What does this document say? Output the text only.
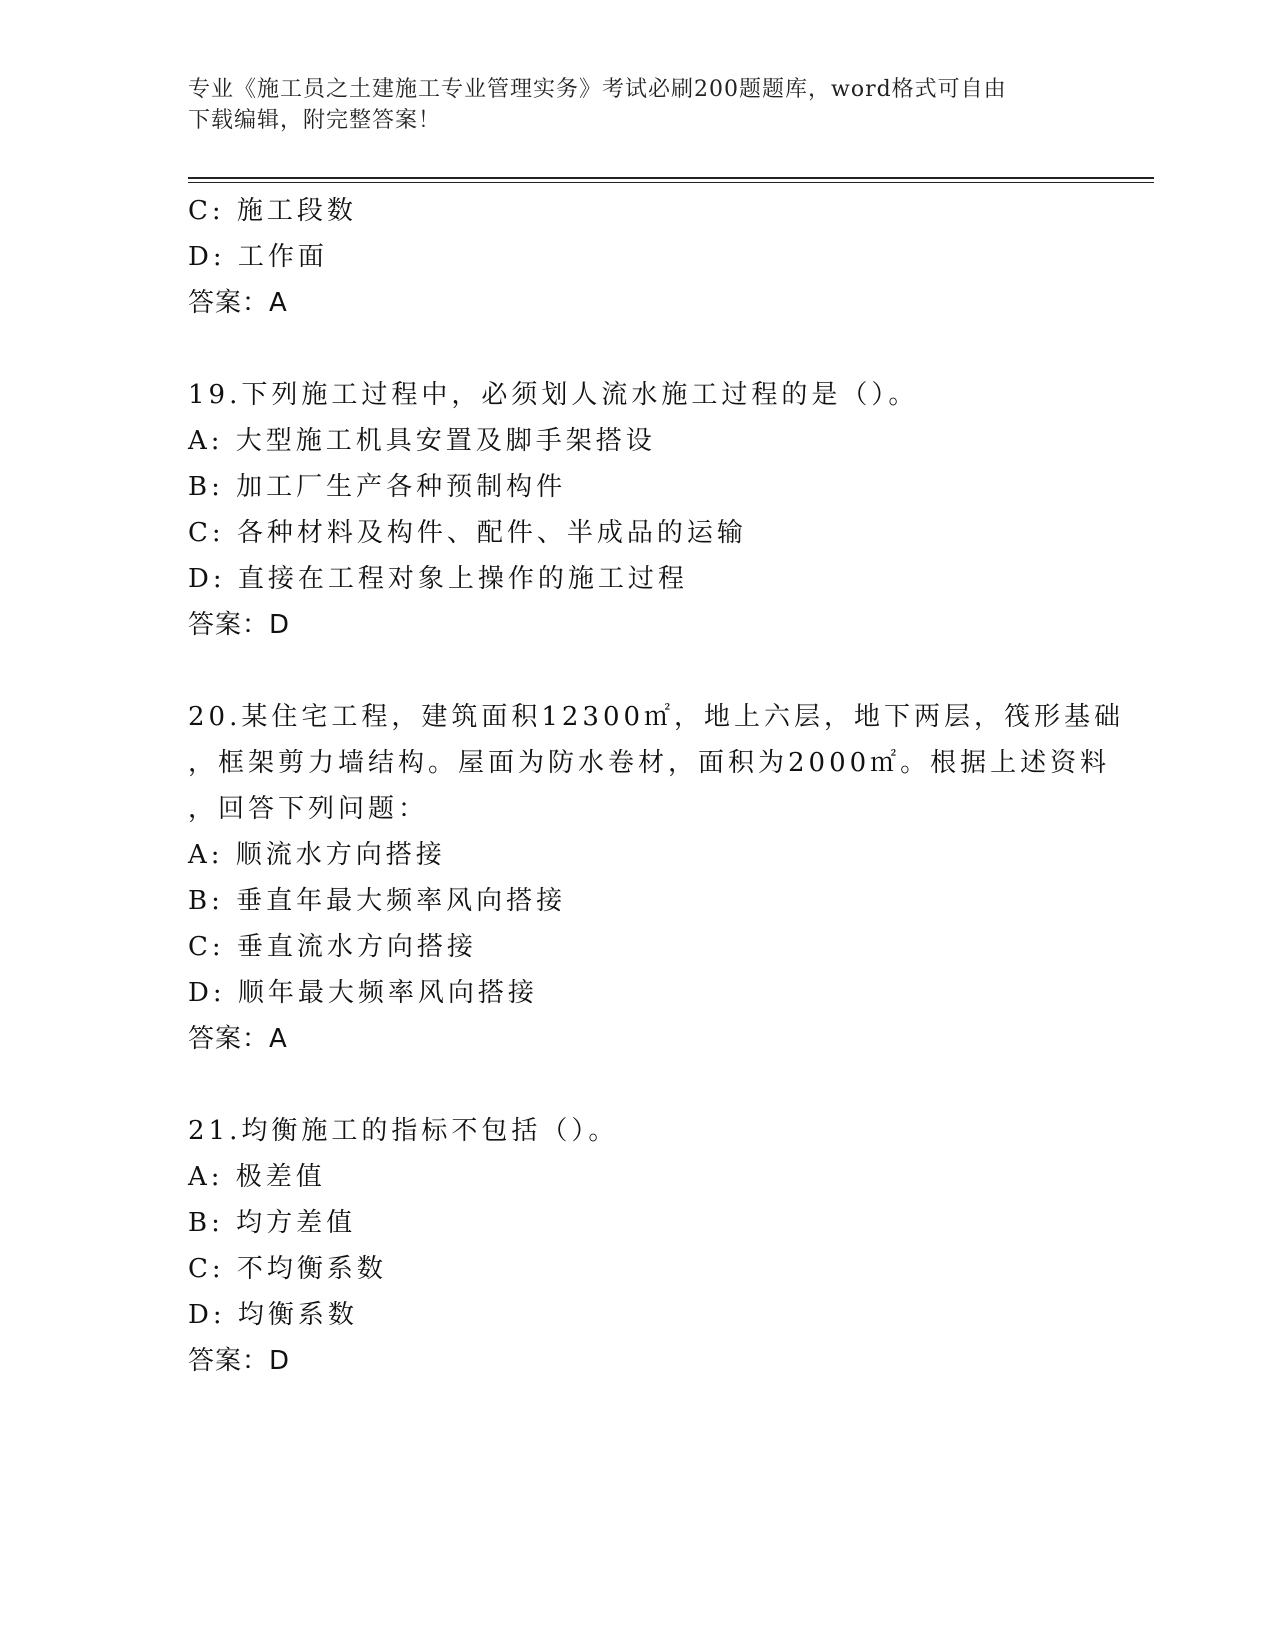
专业《施工员之土建施工专业管理实务》考试必刷200题题库，word格式可自由

下载编辑，附完整答案！

C: 施工段数
D: 工作面
答案：A
19.下列施工过程中，必须划人流水施工过程的是（）。
A: 大型施工机具安置及脚手架搭设
B: 加工厂生产各种预制构件
C: 各种材料及构件、配件、半成品的运输
D: 直接在工程对象上操作的施工过程
答案：D
20.某住宅工程，建筑面积12300㎡，地上六层，地下两层，筏形基础
，框架剪力墙结构。屋面为防水卷材，面积为2000㎡。根据上述资料
，回答下列问题：
A: 顺流水方向搭接
B: 垂直年最大频率风向搭接
C: 垂直流水方向搭接
D: 顺年最大频率风向搭接
答案：A
21.均衡施工的指标不包括（）。
A: 极差值
B: 均方差值
C: 不均衡系数
D: 均衡系数
答案：D
